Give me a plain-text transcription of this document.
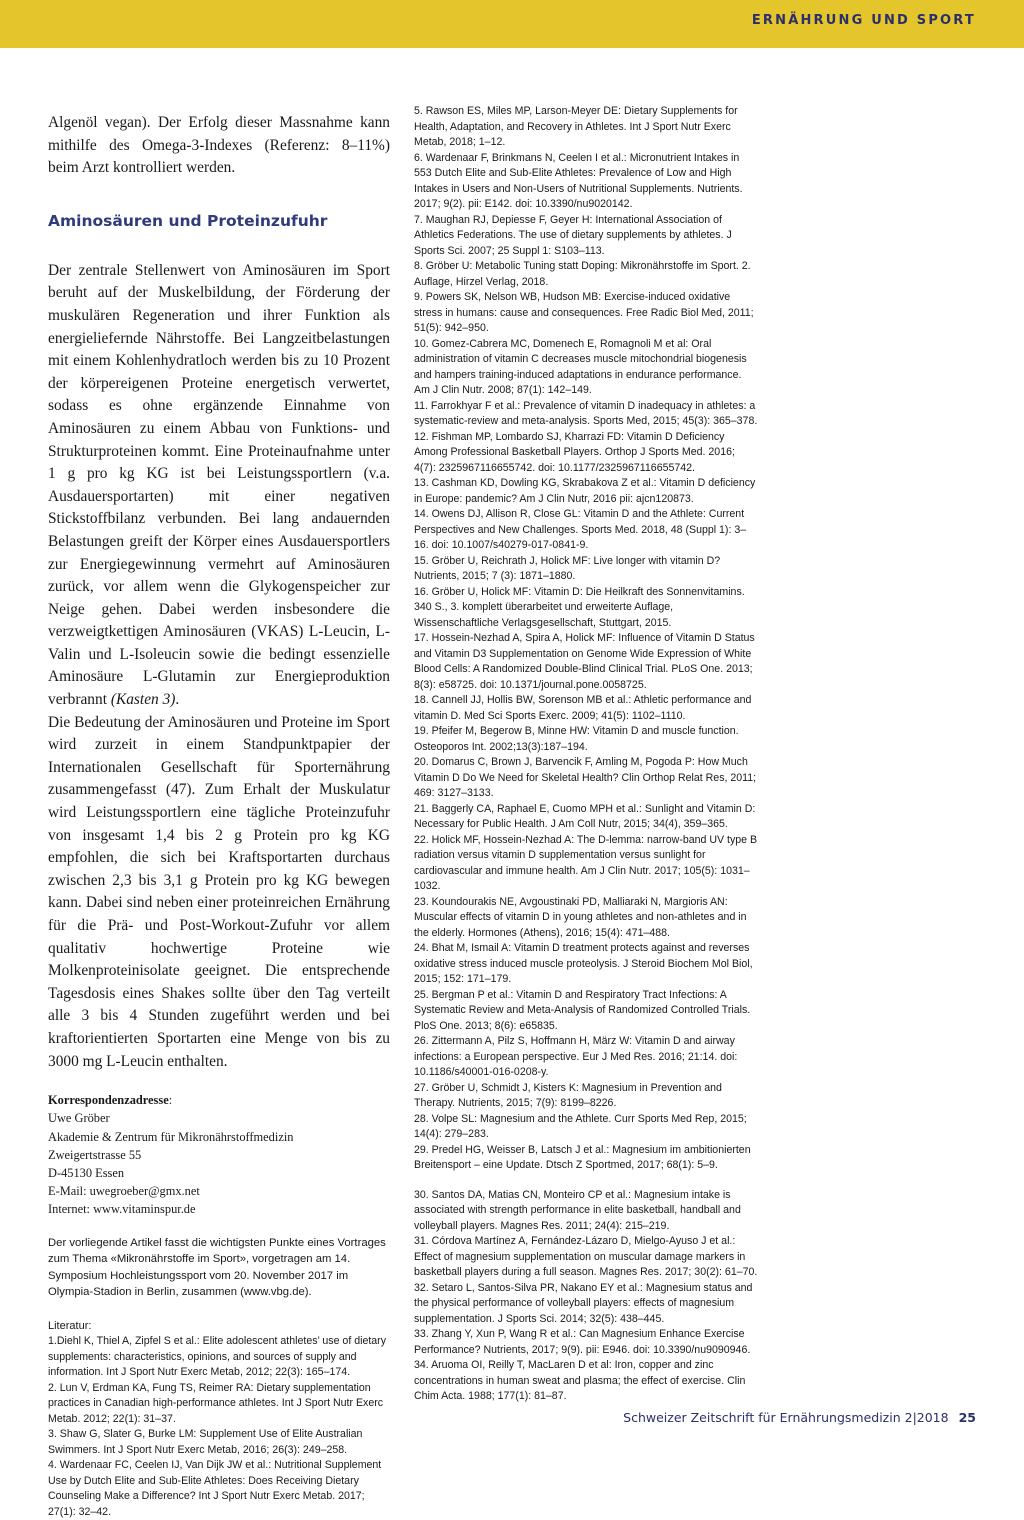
ERNÄHRUNG UND SPORT

Algenöl vegan). Der Erfolg dieser Massnahme kann mithilfe des Omega-3-Indexes (Referenz: 8–11%) beim Arzt kontrolliert werden.

Aminosäuren und Proteinzufuhr

Der zentrale Stellenwert von Aminosäuren im Sport beruht auf der Muskelbildung, der Förderung der muskulären Regeneration und ihrer Funktion als energieliefernde Nährstoffe. Bei Langzeitbelastungen mit einem Kohlenhydratloch werden bis zu 10 Prozent der körpereigenen Proteine energetisch verwertet, sodass es ohne ergänzende Einnahme von Aminosäuren zu einem Abbau von Funktions- und Strukturproteinen kommt. Eine Proteinaufnahme unter 1 g pro kg KG ist bei Leistungssportlern (v.a. Ausdauersportarten) mit einer negativen Stickstoffbilanz verbunden. Bei lang andauernden Belastungen greift der Körper eines Ausdauersportlers zur Energiegewinnung vermehrt auf Aminosäuren zurück, vor allem wenn die Glykogenspeicher zur Neige gehen. Dabei werden insbesondere die verzweigtkettigen Aminosäuren (VKAS) L-Leucin, L-Valin und L-Isoleucin sowie die bedingt essenzielle Aminosäure L-Glutamin zur Energieproduktion verbrannt (Kasten 3).

Die Bedeutung der Aminosäuren und Proteine im Sport wird zurzeit in einem Standpunktpapier der Internationalen Gesellschaft für Sporternährung zusammengefasst (47). Zum Erhalt der Muskulatur wird Leistungssportlern eine tägliche Proteinzufuhr von insgesamt 1,4 bis 2 g Protein pro kg KG empfohlen, die sich bei Kraftsportarten durchaus zwischen 2,3 bis 3,1 g Protein pro kg KG bewegen kann. Dabei sind neben einer proteinreichen Ernährung für die Prä- und Post-Workout-Zufuhr vor allem qualitativ hochwertige Proteine wie Molkenproteinisolate geeignet. Die entsprechende Tagesdosis eines Shakes sollte über den Tag verteilt alle 3 bis 4 Stunden zugeführt werden und bei kraftorientierten Sportarten eine Menge von bis zu 3000 mg L-Leucin enthalten.

Korrespondenzadresse:
Uwe Gröber
Akademie & Zentrum für Mikronährstoffmedizin
Zweigertstrasse 55
D-45130 Essen
E-Mail: uwegroeber@gmx.net
Internet: www.vitaminspur.de
Der vorliegende Artikel fasst die wichtigsten Punkte eines Vortrages zum Thema «Mikronährstoffe im Sport», vorgetragen am 14. Symposium Hochleistungssport vom 20. November 2017 im Olympia-Stadion in Berlin, zusammen (www.vbg.de).
Literatur:

1.Diehl K, Thiel A, Zipfel S et al.: Elite adolescent athletes’ use of dietary supplements: characteristics, opinions, and sources of supply and information. Int J Sport Nutr Exerc Metab, 2012; 22(3): 165–174.

2. Lun V, Erdman KA, Fung TS, Reimer RA: Dietary supplementation practices in Canadian high-performance athletes. Int J Sport Nutr Exerc Metab. 2012; 22(1): 31–37.

3. Shaw G, Slater G, Burke LM: Supplement Use of Elite Australian Swimmers. Int J Sport Nutr Exerc Metab, 2016; 26(3): 249–258.

4. Wardenaar FC, Ceelen IJ, Van Dijk JW et al.: Nutritional Supplement Use by Dutch Elite and Sub-Elite Athletes: Does Receiving Dietary Counseling Make a Difference? Int J Sport Nutr Exerc Metab. 2017; 27(1): 32–42.

5. Rawson ES, Miles MP, Larson-Meyer DE: Dietary Supplements for Health, Adaptation, and Recovery in Athletes. Int J Sport Nutr Exerc Metab, 2018; 1–12.

6. Wardenaar F, Brinkmans N, Ceelen I et al.: Micronutrient Intakes in 553 Dutch Elite and Sub-Elite Athletes: Prevalence of Low and High Intakes in Users and Non-Users of Nutritional Supplements. Nutrients. 2017; 9(2). pii: E142. doi: 10.3390/nu9020142.

7. Maughan RJ, Depiesse F, Geyer H: International Association of Athletics Federations. The use of dietary supplements by athletes. J Sports Sci. 2007; 25 Suppl 1: S103–113.

8. Gröber U: Metabolic Tuning statt Doping: Mikronährstoffe im Sport. 2. Auflage, Hirzel Verlag, 2018.

9. Powers SK, Nelson WB, Hudson MB: Exercise-induced oxidative stress in humans: cause and consequences. Free Radic Biol Med, 2011; 51(5): 942–950.

10. Gomez-Cabrera MC, Domenech E, Romagnoli M et al: Oral administration of vitamin C decreases muscle mitochondrial biogenesis and hampers training-induced adaptations in endurance performance. Am J Clin Nutr. 2008; 87(1): 142–149.

11. Farrokhyar F et al.: Prevalence of vitamin D inadequacy in athletes: a systematic-review and meta-analysis. Sports Med, 2015; 45(3): 365–378.

12. Fishman MP, Lombardo SJ, Kharrazi FD: Vitamin D Deficiency Among Professional Basketball Players. Orthop J Sports Med. 2016; 4(7): 2325967116655742. doi: 10.1177/2325967116655742.

13. Cashman KD, Dowling KG, Skrabakova Z et al.: Vitamin D deficiency in Europe: pandemic? Am J Clin Nutr, 2016 pii: ajcn120873.

14. Owens DJ, Allison R, Close GL: Vitamin D and the Athlete: Current Perspectives and New Challenges. Sports Med. 2018, 48 (Suppl 1): 3–16. doi: 10.1007/s40279-017-0841-9.

15. Gröber U, Reichrath J, Holick MF: Live longer with vitamin D? Nutrients, 2015; 7 (3): 1871–1880.

16. Gröber U, Holick MF: Vitamin D: Die Heilkraft des Sonnenvitamins. 340 S., 3. komplett überarbeitet und erweiterte Auflage, Wissenschaftliche Verlagsgesellschaft, Stuttgart, 2015.

17. Hossein-Nezhad A, Spira A, Holick MF: Influence of Vitamin D Status and Vitamin D3 Supplementation on Genome Wide Expression of White Blood Cells: A Randomized Double-Blind Clinical Trial. PLoS One. 2013; 8(3): e58725. doi: 10.1371/journal.pone.0058725.

18. Cannell JJ, Hollis BW, Sorenson MB et al.: Athletic performance and vitamin D. Med Sci Sports Exerc. 2009; 41(5): 1102–1110.

19. Pfeifer M, Begerow B, Minne HW: Vitamin D and muscle function. Osteoporos Int. 2002;13(3):187–194.

20. Domarus C, Brown J, Barvencik F, Amling M, Pogoda P: How Much Vitamin D Do We Need for Skeletal Health? Clin Orthop Relat Res, 2011; 469: 3127–3133.

21. Baggerly CA, Raphael E, Cuomo MPH et al.: Sunlight and Vitamin D: Necessary for Public Health. J Am Coll Nutr, 2015; 34(4), 359–365.

22. Holick MF, Hossein-Nezhad A: The D-lemma: narrow-band UV type B radiation versus vitamin D supplementation versus sunlight for cardiovascular and immune health. Am J Clin Nutr. 2017; 105(5): 1031–1032.

23. Koundourakis NE, Avgoustinaki PD, Malliaraki N, Margioris AN: Muscular effects of vitamin D in young athletes and non-athletes and in the elderly. Hormones (Athens), 2016; 15(4): 471–488.

24. Bhat M, Ismail A: Vitamin D treatment protects against and reverses oxidative stress induced muscle proteolysis. J Steroid Biochem Mol Biol, 2015; 152: 171–179.

25. Bergman P et al.: Vitamin D and Respiratory Tract Infections: A Systematic Review and Meta-Analysis of Randomized Controlled Trials. PloS One. 2013; 8(6): e65835.

26. Zittermann A, Pilz S, Hoffmann H, März W: Vitamin D and airway infections: a European perspective. Eur J Med Res. 2016; 21:14. doi: 10.1186/s40001-016-0208-y.

27. Gröber U, Schmidt J, Kisters K: Magnesium in Prevention and Therapy. Nutrients, 2015; 7(9): 8199–8226.

28. Volpe SL: Magnesium and the Athlete. Curr Sports Med Rep, 2015; 14(4): 279–283.

29. Predel HG, Weisser B, Latsch J et al.: Magnesium im ambitionierten Breitensport – eine Update. Dtsch Z Sportmed, 2017; 68(1): 5–9.

30. Santos DA, Matias CN, Monteiro CP et al.: Magnesium intake is associated with strength performance in elite basketball, handball and volleyball players. Magnes Res. 2011; 24(4): 215–219.

31. Córdova Martínez A, Fernández-Lázaro D, Mielgo-Ayuso J et al.: Effect of magnesium supplementation on muscular damage markers in basketball players during a full season. Magnes Res. 2017; 30(2): 61–70.

32. Setaro L, Santos-Silva PR, Nakano EY et al.: Magnesium status and the physical performance of volleyball players: effects of magnesium supplementation. J Sports Sci. 2014; 32(5): 438–445.

33. Zhang Y, Xun P, Wang R et al.: Can Magnesium Enhance Exercise Performance? Nutrients, 2017; 9(9). pii: E946. doi: 10.3390/nu9090946.

34. Aruoma OI, Reilly T, MacLaren D et al: Iron, copper and zinc concentrations in human sweat and plasma; the effect of exercise. Clin Chim Acta. 1988; 177(1): 81–87.

Schweizer Zeitschrift für Ernährungsmedizin 2|2018 25
